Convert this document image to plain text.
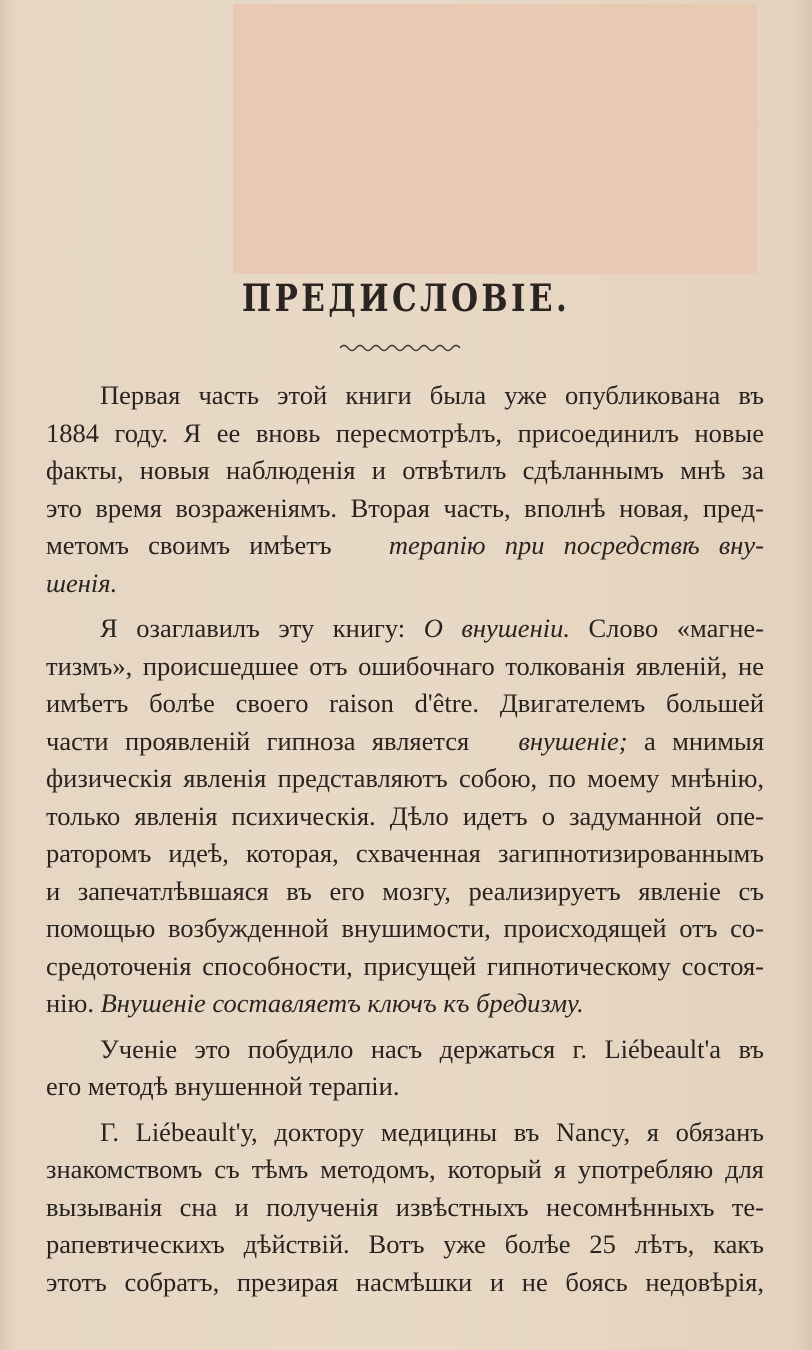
ПРЕДИСЛОВІЕ.
Первая часть этой книги была уже опубликована въ
1884 году. Я ее вновь пересмотрѣлъ, присоединилъ новые
факты, новыя наблюденія и отвѣтилъ сдѣланнымъ мнѣ за
это время возраженіямъ. Вторая часть, вполнѣ новая, пред-
метомъ своимъ имѣетъ терапію при посредствѣ вну-
шенія.
Я озаглавилъ эту книгу: О внушеніи. Слово «магне-
тизмъ», происшедшее отъ ошибочнаго толкованія явленій, не
имѣетъ болѣе своего raison d'être. Двигателемъ большей
части проявленій гипноза является внушеніе; а мнимыя
физическія явленія представляютъ собою, по моему мнѣнію,
только явленія психическія. Дѣло идетъ о задуманной опе-
раторомъ идеѣ, которая, схваченная загипнотизированнымъ
и запечатлѣвшаяся въ его мозгу, реализируетъ явленіе съ
помощью возбужденной внушимости, происходящей отъ со-
средоточенія способности, присущей гипнотическому состоя-
нію. Внушеніе составляетъ ключъ къ бредизму.
Ученіе это побудило насъ держаться г. Liébeault'а въ
его методѣ внушенной терапіи.
Г. Liébeault'у, доктору медицины въ Nancy, я обязанъ
знакомствомъ съ тѣмъ методомъ, который я употребляю для
вызыванія сна и полученія извѣстныхъ несомнѣнныхъ те-
рапевтическихъ дѣйствій. Вотъ уже болѣе 25 лѣтъ, какъ
этотъ собратъ, презирая насмѣшки и не боясь недовѣрія,
